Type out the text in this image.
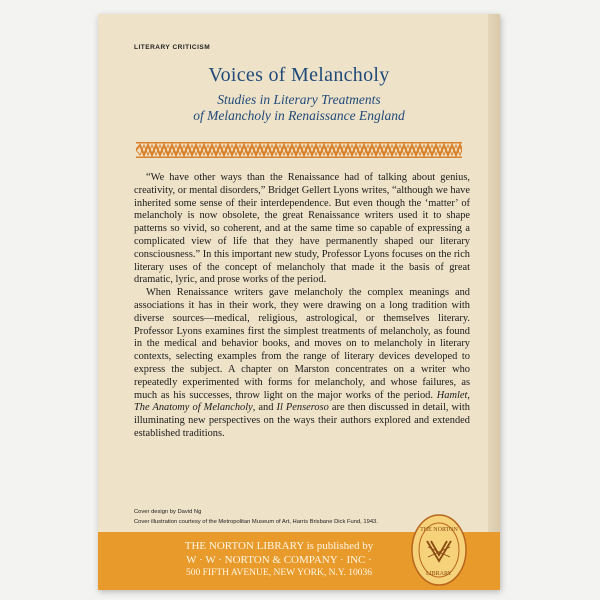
LITERARY CRITICISM
Voices of Melancholy
Studies in Literary Treatments
of Melancholy in Renaissance England

“We have other ways than the Renaissance had of talking about genius, creativity, or mental disorders,” Bridget Gellert Lyons writes, “although we have inherited some sense of their interdependence. But even though the ‘matter’ of melancholy is now obsolete, the great Renaissance writers used it to shape patterns so vivid, so coherent, and at the same time so capable of expressing a complicated view of life that they have permanently shaped our literary consciousness.” In this important new study, Professor Lyons focuses on the rich literary uses of the concept of melancholy that made it the basis of great dramatic, lyric, and prose works of the period.

When Renaissance writers gave melancholy the complex meanings and associations it has in their work, they were drawing on a long tradition with diverse sources—medical, religious, astrological, or themselves literary. Professor Lyons examines first the simplest treatments of melancholy, as found in the medical and behavior books, and moves on to melancholy in literary contexts, selecting examples from the range of literary devices developed to express the subject. A chapter on Marston concentrates on a writer who repeatedly experimented with forms for melancholy, and whose failures, as much as his successes, throw light on the major works of the period. Hamlet, The Anatomy of Melancholy, and Il Penseroso are then discussed in detail, with illuminating new perspectives on the ways their authors explored and extended established traditions.

Cover design by David Ng
Cover illustration courtesy of the Metropolitan Museum of Art, Harris Brisbane Dick Fund, 1943.
THE NORTON LIBRARY is published by
W · W · NORTON & COMPANY · INC ·
500 FIFTH AVENUE, NEW YORK, N.Y. 10036
THE NORTON
LIBRARY
